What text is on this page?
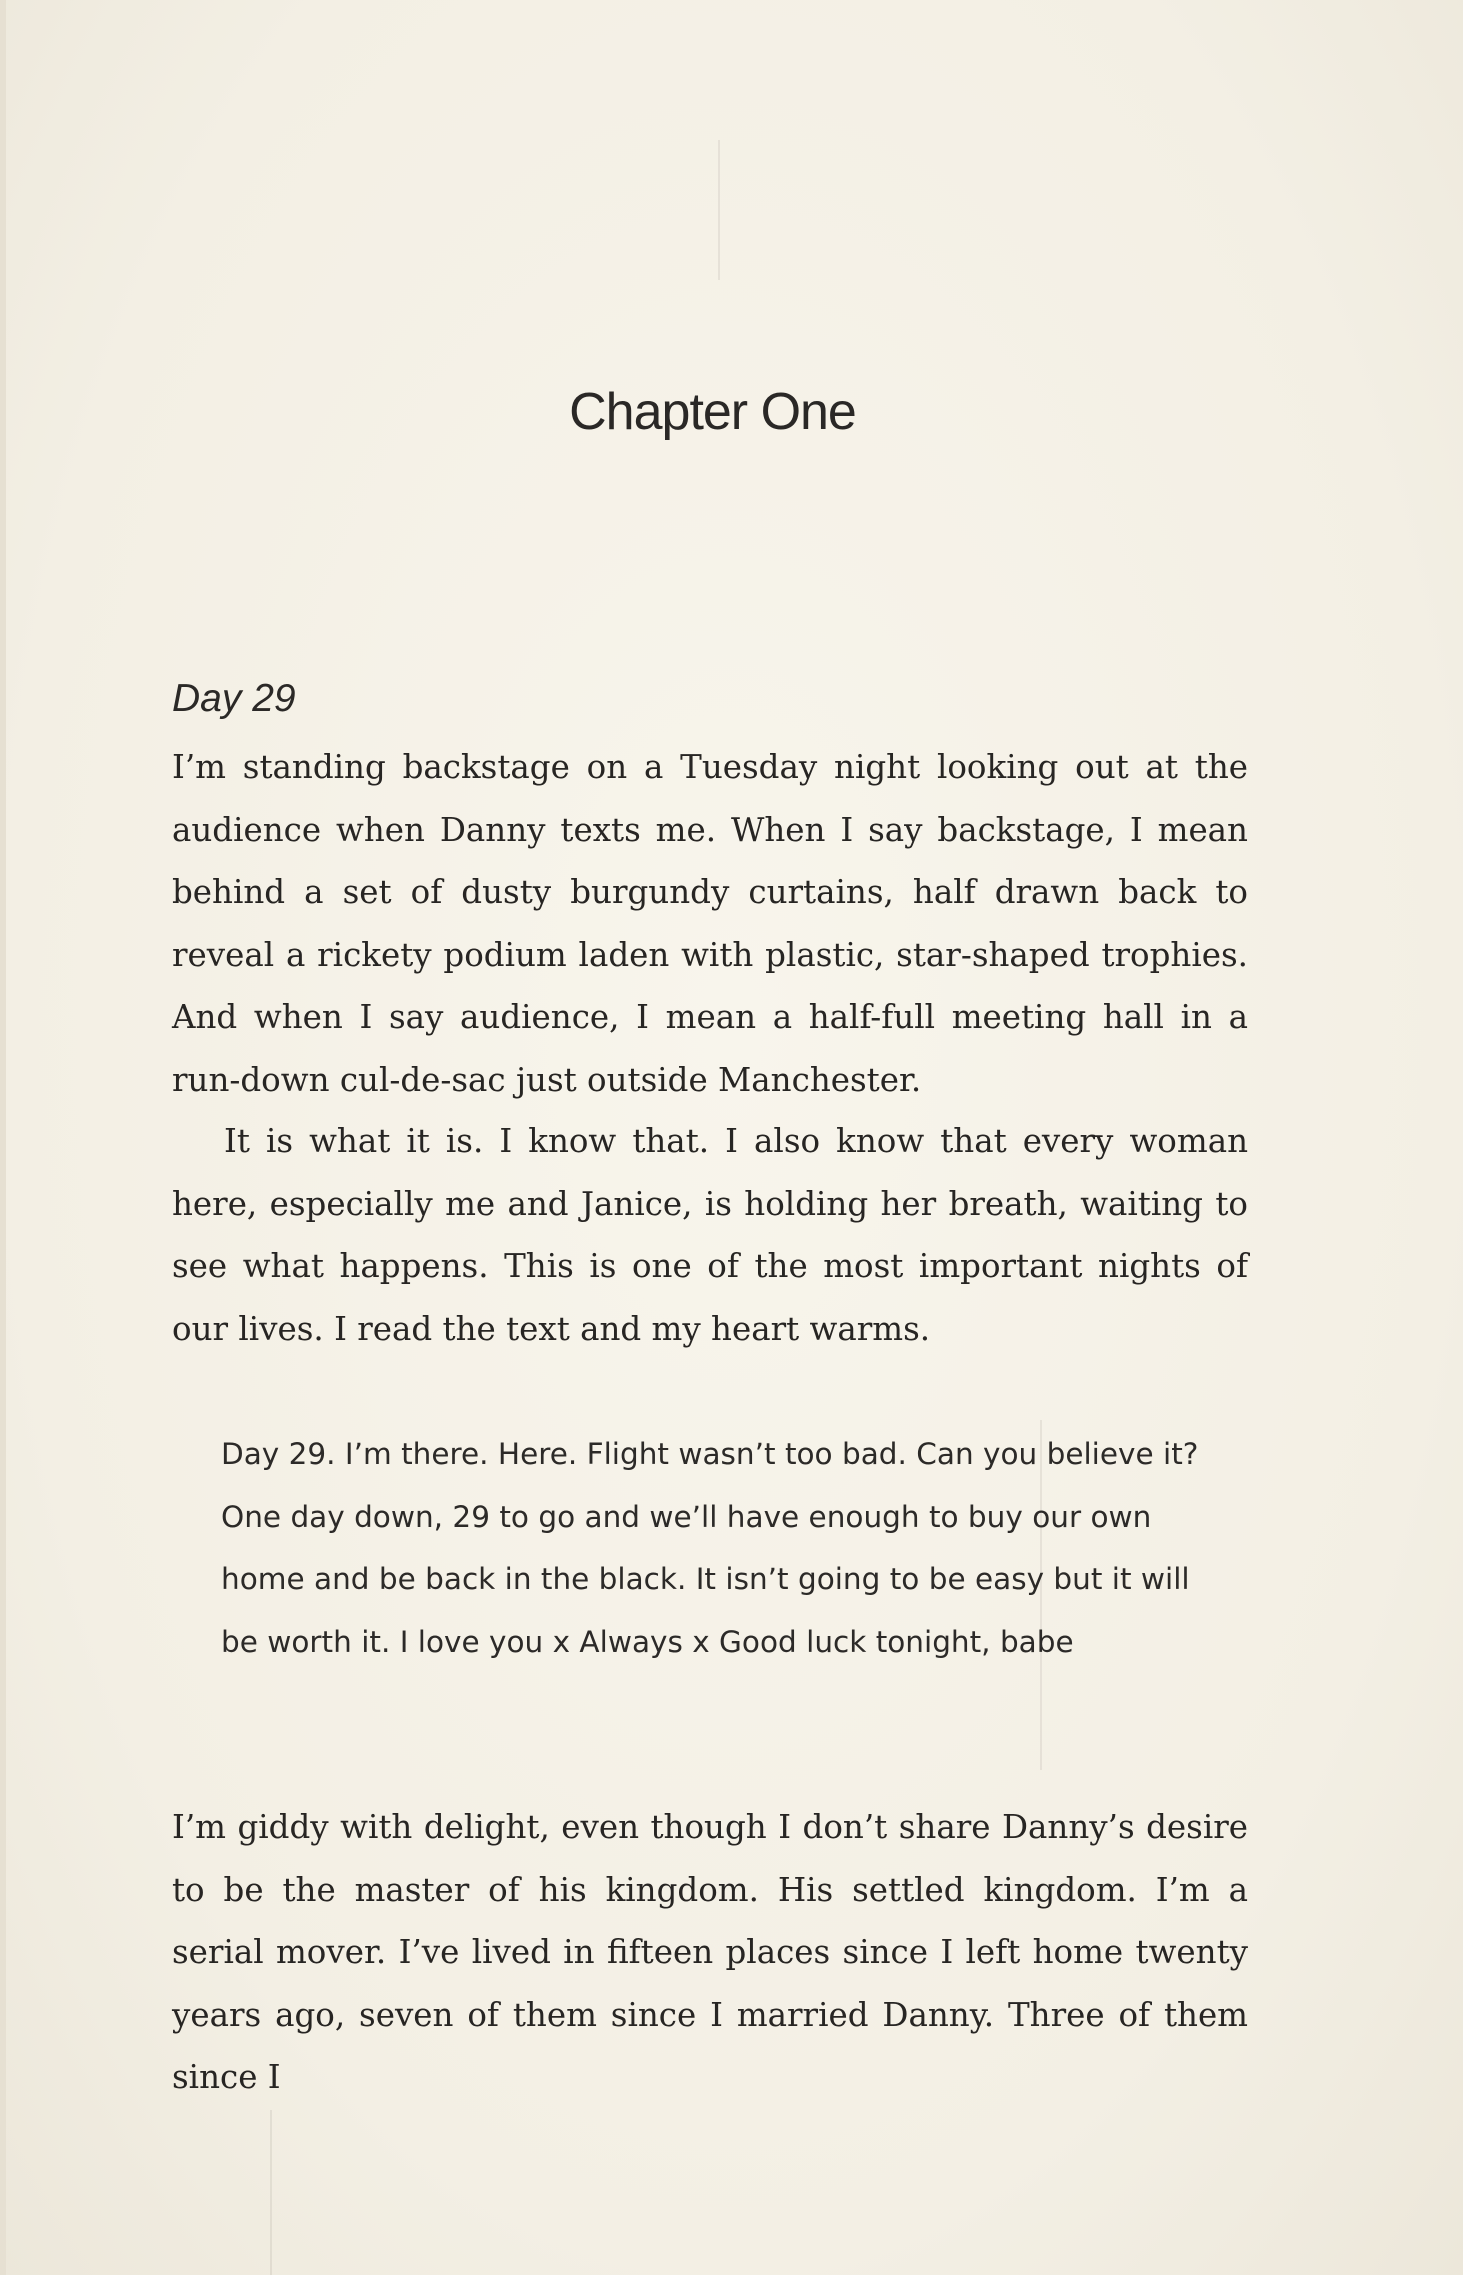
Chapter One
Day 29

I’m standing backstage on a Tuesday night looking out at the audience when Danny texts me. When I say backstage, I mean behind a set of dusty burgundy curtains, half drawn back to reveal a rickety podium laden with plastic, star-shaped trophies. And when I say audience, I mean a half-full meeting hall in a run-down cul-de-sac just outside Manchester.

It is what it is. I know that. I also know that every woman here, especially me and Janice, is holding her breath, waiting to see what happens. This is one of the most important nights of our lives. I read the text and my heart warms.

Day 29. I’m there. Here. Flight wasn’t too bad. Can you believe it? One day down, 29 to go and we’ll have enough to buy our own home and be back in the black. It isn’t going to be easy but it will be worth it. I love you x Always x Good luck tonight, babe

I’m giddy with delight, even though I don’t share Danny’s desire to be the master of his kingdom. His settled kingdom. I’m a serial mover. I’ve lived in fifteen places since I left home twenty years ago, seven of them since I married Danny. Three of them since I
